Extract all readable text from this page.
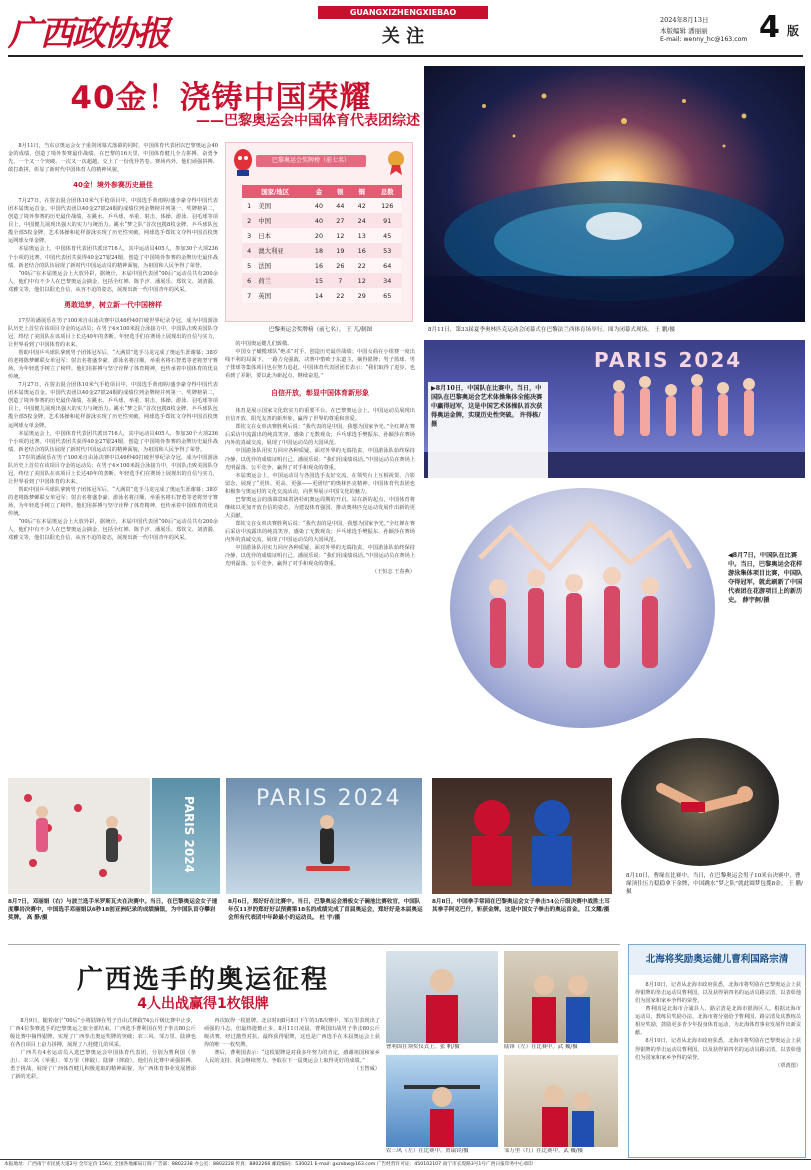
广西政协报
GUANGXIZHENGXIEBAO
关 注
2024年8月13日
本版编辑 潘丽丽
E-mail: wenny_hc@163.com 4 版
40金！浇铸中国荣耀
——巴黎奥运会中国体育代表团综述

8月11日，当东京奥运会女子重剑闭幕式落幕的同时，中国体育代表团以巴黎奥运会40金的成绩，创造了境外参赛最佳战绩。在巴黎的16天里，中国体育健儿全力拼搏、奋勇争先，一个又一个突破、一次又一次超越，交上了一份优异答卷。赛场内外，他们顽强拼搏、敢打敢拼，彰显了新时代中国体育人的精神风貌。

40金！境外参赛历史最佳

7月27日，在射击混合团体10米气手枪项目中，中国选手黄雨婷/盛李豪夺得中国代表团本届奥运首金。中国代表团以40金27银24铜的成绩位列金牌榜并列第一、奖牌榜第二，创造了境外参赛的历史最佳战绩。在跳水、乒乓球、举重、射击、体操、游泳、羽毛球等项目上，中国健儿展现出强大的实力与统治力。跳水“梦之队”首次包揽8枚金牌，乒乓球队包揽全部5枚金牌，艺术体操和花样游泳实现了历史性突破，网球选手郑钦文夺得中国首枚奥运网球女单金牌。

本届奥运会上，中国体育代表团共派出716人，其中运动员405人，参加30个大项236个小项的比赛。中国代表团共获得40金27银24铜，创造了中国境外参赛的金牌历史最佳战绩，新老结合的队伍展现了新时代中国运动员的精神面貌，为祖国和人民争得了荣誉。

“00后”在本届奥运会上大放异彩，据统计，本届中国代表团“00后”运动员共有200余人，他们中有不少人在巴黎奥运会摘金，包括全红婵、陈芋汐、潘展乐、郑钦文、刘清漪、邓雅文等，他们以阳光自信、从容不迫的姿态，展现出新一代中国青年的风采。

勇敢追梦，树立新一代中国榜样

17岁的潘展乐在男子100米自由泳决赛中以46秒40打破世界纪录夺冠，成为中国游泳队历史上首位在该项目夺金的运动员；在男子4×100米混合泳接力中，中国队击败美国队夺冠，终结了美国队在该项目上长达40年的垄断。年轻选手们在赛场上展现出的自信与实力，让世界看到了中国体育的未来。

帮助中国乒乓球队拿到男子团体冠军后，“大满贯”选手马龙完成了奥运生涯谢幕；38岁的老将陈梦蝉联女单冠军；射击名将盛李豪、游泳名将汪顺、举重名将石智勇等老将坚守赛场，为年轻选手树立了榜样。他们用拼搏与坚守诠释了体育精神，也传承着中国体育的优良传统。

7月27日，在射击混合团体10米气手枪项目中，中国选手黄雨婷/盛李豪夺得中国代表团本届奥运首金。中国代表团以40金27银24铜的成绩位列金牌榜并列第一、奖牌榜第二，创造了境外参赛的历史最佳战绩。在跳水、乒乓球、举重、射击、体操、游泳、羽毛球等项目上，中国健儿展现出强大的实力与统治力。跳水“梦之队”首次包揽8枚金牌，乒乓球队包揽全部5枚金牌，艺术体操和花样游泳实现了历史性突破，网球选手郑钦文夺得中国首枚奥运网球女单金牌。

本届奥运会上，中国体育代表团共派出716人，其中运动员405人，参加30个大项236个小项的比赛。中国代表团共获得40金27银24铜，创造了中国境外参赛的金牌历史最佳战绩，新老结合的队伍展现了新时代中国运动员的精神面貌，为祖国和人民争得了荣誉。

17岁的潘展乐在男子100米自由泳决赛中以46秒40打破世界纪录夺冠，成为中国游泳队历史上首位在该项目夺金的运动员；在男子4×100米混合泳接力中，中国队击败美国队夺冠，终结了美国队在该项目上长达40年的垄断。年轻选手们在赛场上展现出的自信与实力，让世界看到了中国体育的未来。

帮助中国乒乓球队拿到男子团体冠军后，“大满贯”选手马龙完成了奥运生涯谢幕；38岁的老将陈梦蝉联女单冠军；射击名将盛李豪、游泳名将汪顺、举重名将石智勇等老将坚守赛场，为年轻选手树立了榜样。他们用拼搏与坚守诠释了体育精神，也传承着中国体育的优良传统。

“00后”在本届奥运会上大放异彩，据统计，本届中国代表团“00后”运动员共有200余人，他们中有不少人在巴黎奥运会摘金，包括全红婵、陈芋汐、潘展乐、郑钦文、刘清漪、邓雅文等，他们以阳光自信、从容不迫的姿态，展现出新一代中国青年的风采。

巴黎奥运会奖牌榜（前七名）
国家/地区		金	银	铜	总数
1	美国	40	44	42	126
2	中国	40	27	24	91
3	日本	20	12	13	45
4	澳大利亚	18	19	16	53
5	法国	16	26	22	64
6	荷兰	15	7	12	34
7	英国	14	22	29	65
巴黎奥运会奖牌榜（前七名）。 王 兀/制图	8月11日，第33届夏季奥林匹克运动会闭幕式在巴黎法兰西体育场举行。图为闭幕式现场。 王 鹏/摄

的中国奥运健儿们致敬。

中国女子橄榄球队“绝杀”对手，创造历史最佳战绩；中国女曲在小组赛一度出线不利的局面下，一路力克强敌，决赛中惜败于东道主，摘得银牌；男子篮球、男子排球等集体项目也在努力追赶。中国体育代表团团长表示：“我们取得了进步，也看到了差距，要以此为新起点，继续奋进。”

自信开放，彰显中国体育新形象

体育是展示国家文化软实力的重要平台。在巴黎奥运会上，中国运动员展现出自信开放、阳光友善的新形象，赢得了世界的尊重和喜爱。

郑钦文在女单决赛胜利后说：“我代表的是中国，我想为国家争光。”全红婵在赛后采访中流露出的纯真笑容，感染了无数观众；乒乓球选手樊振东、孙颖莎在赛场内外的真诚交流，展现了中国运动员的大国风范。

中国游泳队用实力回应各种质疑。面对外界的无端指责，中国游泳队始终保持冷静，以优异的成绩证明自己。潘展乐说：“我们用成绩说话。”中国运动员在赛场上光明磊落、公平竞争，赢得了对手和观众的尊重。

本届奥运会上，中国运动员与各国选手友好交流，在领奖台上互相祝贺、合影留念，展现了“更快、更高、更强——更团结”的奥林匹克精神。中国体育代表团也积极参与奥运村的文化交流活动，向世界展示中国文化的魅力。

巴黎奥运会的落幕意味着洛杉矶奥运周期的开启。站在新的起点，中国体育将继续以更加开放自信的姿态，为建设体育强国、推动奥林匹克运动发展作出新的更大贡献。

郑钦文在女单决赛胜利后说：“我代表的是中国，我想为国家争光。”全红婵在赛后采访中流露出的纯真笑容，感染了无数观众；乒乓球选手樊振东、孙颖莎在赛场内外的真诚交流，展现了中国运动员的大国风范。

中国游泳队用实力回应各种质疑。面对外界的无端指责，中国游泳队始终保持冷静，以优异的成绩证明自己。潘展乐说：“我们用成绩说话。”中国运动员在赛场上光明磊落、公平竞争，赢得了对手和观众的尊重。

（王恒志 王春燕）
PARIS 2024
▶8月10日，中国队在比赛中。当日，中国队在巴黎奥运会艺术体操集体全能决赛中赢得冠军，这是中国艺术体操队首次获得奥运金牌，实现历史性突破。 许得栋/摄
◀8月7日，中国队在比赛中。当日，巴黎奥运会花样游泳集体项目比赛，中国队夺得冠军，就此刷新了中国代表团在花游项目上的新历史。 薛宇舸/摄
8月10日，曹缘在比赛中。当日，在巴黎奥运会男子10米台决赛中，曹缘顶住压力稳稳拿下金牌，中国跳水“梦之队”就此圆梦包揽8金。 王 鹏/摄
PARIS 2024
8月7日，邓丽娟（右）与波兰选手米罗斯瓦夫在决赛中。当日，在巴黎奥运会女子速度攀岩决赛中，中国选手邓丽娟以6秒18创亚洲纪录的成绩摘银，为中国队首夺攀岩奖牌。 高 静/摄
PARIS 2024
8月6日，郑好好在比赛中。当日，巴黎奥运会滑板女子碗池比赛收官，中国队年仅11岁的郑好好以预赛第18名的成绩完成了首届奥运会，郑好好是本届奥运会所有代表团中年龄最小的运动员。 杜 宇/摄
8月8日，中国拳手常园在巴黎奥运会女子拳击54公斤级决赛中战胜土耳其拳手阿克巴什，斩获金牌。这是中国女子拳击的奥运首金。 江文耀/摄
广西选手的奥运征程
4人出战赢得1枚银牌

8月9日，随着南宁“00后”小将陆锋在男子自由式摔跤74公斤级比赛中止步，广西4位参赛选手的巴黎奥运之旅全部结束。广西选手曹利国在男子拳击80公斤级比赛中摘得银牌，实现了广西拳击奥运奖牌的突破；农三风、邹万里、陆锋也在各自项目上奋力拼搏，展现了八桂健儿的风采。

广西共有4名运动员入选巴黎奥运会中国体育代表团，分别为曹利国（拳击）、农三风（举重）、邹万里（摔跤）、陆锋（摔跤）。他们在比赛中顽强拼搏、勇于挑战，展现了广西体育健儿积极进取的精神面貌，为广西体育事业发展增添了新的光彩。

再次取得一枚银牌。北京时间8月8日下午的1/8决赛中，邹万里表现出了顽强的斗志，但最终遗憾止步。8月11日凌晨，曹利国出战男子拳击80公斤级决赛，经过激烈对抗，最终获得银牌，这也是广西选手在本届奥运会上获得的唯一一枚奖牌。

赛后，曹利国表示：“这枚银牌是对我多年努力的肯定，感谢祖国和家乡人民的支持，我会继续努力，争取在下一届奥运会上取得更好的成绩。”

（玉智威）
曹利国在领奖仪式上。张 帆/摄	陆锋（左）在比赛中。武 巍/摄
农三风（左）在比赛中。贾瑞铃/摄	邹万里（红）在比赛中。武 巍/摄
北海将奖励奥运健儿曹利国路宗清

8月10日，记者从北海市政府获悉，北海市将奖励在巴黎奥运会上获得银牌的拳击运动员曹利国，以及获得第四名的运动员路宗清，以表彰他们为国家和家乡争得的荣誉。

曹利国是北海市合浦县人，路宗清是北海市银海区人。根据北海市运动员、教练员奖励办法，北海市将分别给予曹利国、路宗清及其教练员相应奖励，鼓励更多青少年投身体育运动，为北海体育事业发展作出新贡献。

8月10日，记者从北海市政府获悉，北海市将奖励在巴黎奥运会上获得银牌的拳击运动员曹利国，以及获得第四名的运动员路宗清，以表彰他们为国家和家乡争得的荣誉。

（覃鸿图）
本报地址：广西南宁市民族大道2号 全年定价 156元 全国各地邮局订阅 广告部：8802238 办公室：8802228 传真：8802266 邮政编码：530021 E-mail: gxzxbw@163.com 广告经营许可证：450102107 南宁市长堤路3号1号广西日报印务中心承印
